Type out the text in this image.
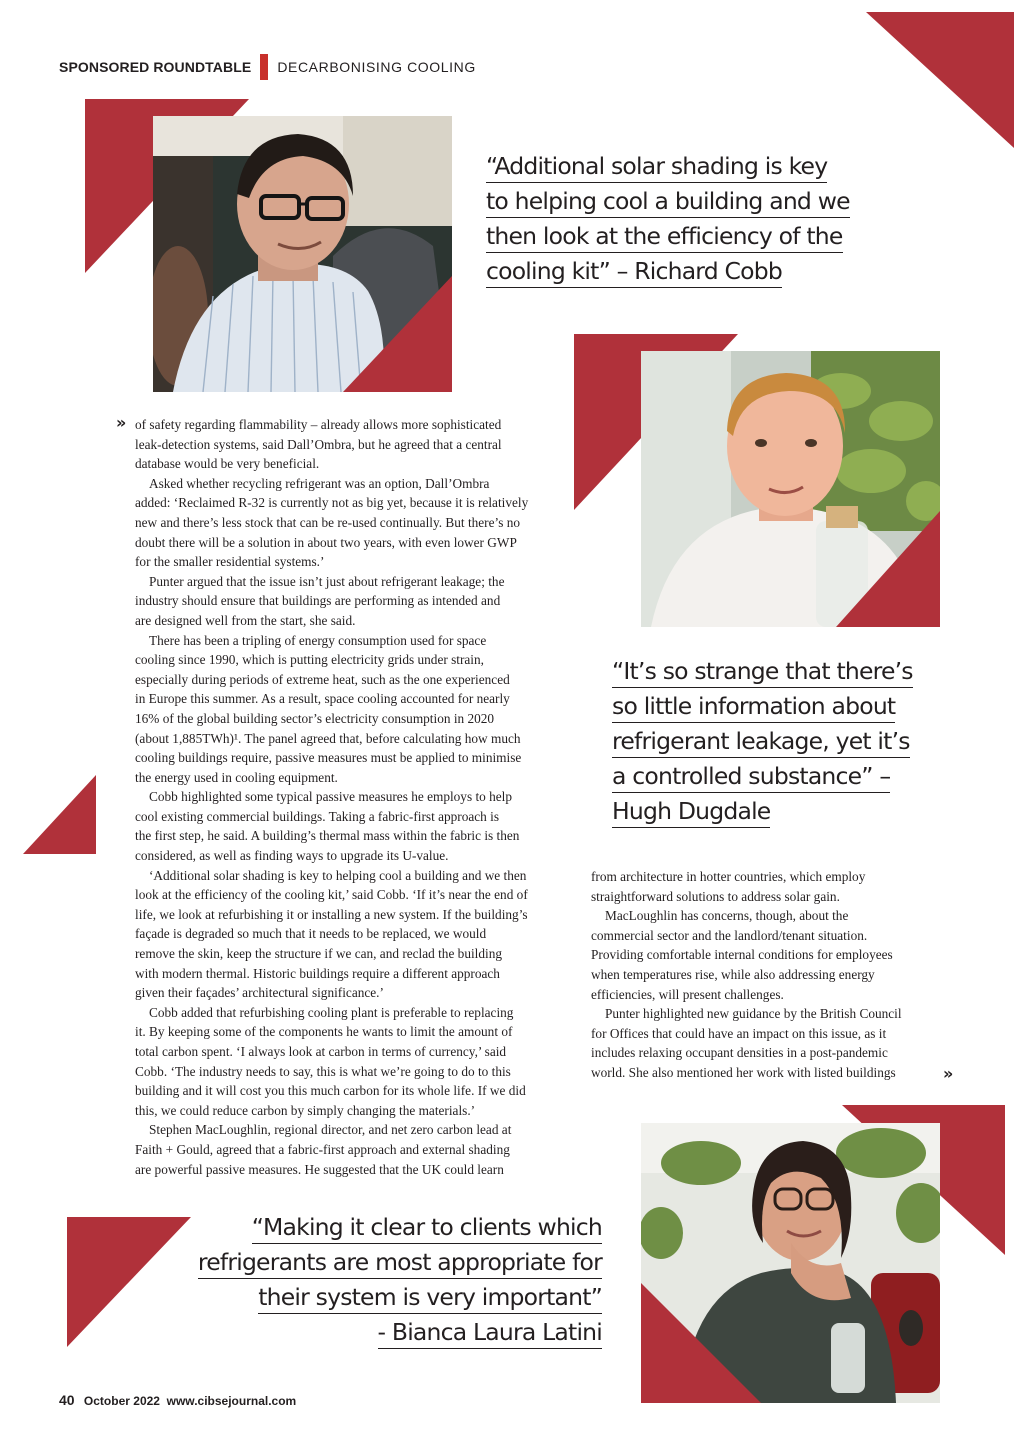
SPONSORED ROUNDTABLE DECARBONISING COOLING
“Additional solar shading is key
to helping cool a building and we
then look at the efficiency of the
cooling kit” – Richard Cobb
“It’s so strange that there’s
so little information about
refrigerant leakage, yet it’s
a controlled substance” –
Hugh Dugdale
“Making it clear to clients which
refrigerants are most appropriate for
their system is very important”
- Bianca Laura Latini
» of safety regarding flammability – already allows more sophisticated
leak-detection systems, said Dall’Ombra, but he agreed that a central
database would be very beneficial.

Asked whether recycling refrigerant was an option, Dall’Ombra
added: ‘Reclaimed R-32 is currently not as big yet, because it is relatively
new and there’s less stock that can be re-used continually. But there’s no
doubt there will be a solution in about two years, with even lower GWP
for the smaller residential systems.’

Punter argued that the issue isn’t just about refrigerant leakage; the
industry should ensure that buildings are performing as intended and
are designed well from the start, she said.

There has been a tripling of energy consumption used for space
cooling since 1990, which is putting electricity grids under strain,
especially during periods of extreme heat, such as the one experienced
in Europe this summer. As a result, space cooling accounted for nearly
16% of the global building sector’s electricity consumption in 2020
(about 1,885TWh)¹. The panel agreed that, before calculating how much
cooling buildings require, passive measures must be applied to minimise
the energy used in cooling equipment.

Cobb highlighted some typical passive measures he employs to help
cool existing commercial buildings. Taking a fabric-first approach is
the first step, he said. A building’s thermal mass within the fabric is then
considered, as well as finding ways to upgrade its U-value.

‘Additional solar shading is key to helping cool a building and we then
look at the efficiency of the cooling kit,’ said Cobb. ‘If it’s near the end of
life, we look at refurbishing it or installing a new system. If the building’s
façade is degraded so much that it needs to be replaced, we would
remove the skin, keep the structure if we can, and reclad the building
with modern thermal. Historic buildings require a different approach
given their façades’ architectural significance.’

Cobb added that refurbishing cooling plant is preferable to replacing
it. By keeping some of the components he wants to limit the amount of
total carbon spent. ‘I always look at carbon in terms of currency,’ said
Cobb. ‘The industry needs to say, this is what we’re going to do to this
building and it will cost you this much carbon for its whole life. If we did
this, we could reduce carbon by simply changing the materials.’

Stephen MacLoughlin, regional director, and net zero carbon lead at
Faith + Gould, agreed that a fabric-first approach and external shading
are powerful passive measures. He suggested that the UK could learn

from architecture in hotter countries, which employ
straightforward solutions to address solar gain.

MacLoughlin has concerns, though, about the
commercial sector and the landlord/tenant situation.
Providing comfortable internal conditions for employees
when temperatures rise, while also addressing energy
efficiencies, will present challenges.

Punter highlighted new guidance by the British Council
for Offices that could have an impact on this issue, as it
includes relaxing occupant densities in a post-pandemic
world. She also mentioned her work with listed buildings	»
40 October 2022 www.cibsejournal.com
